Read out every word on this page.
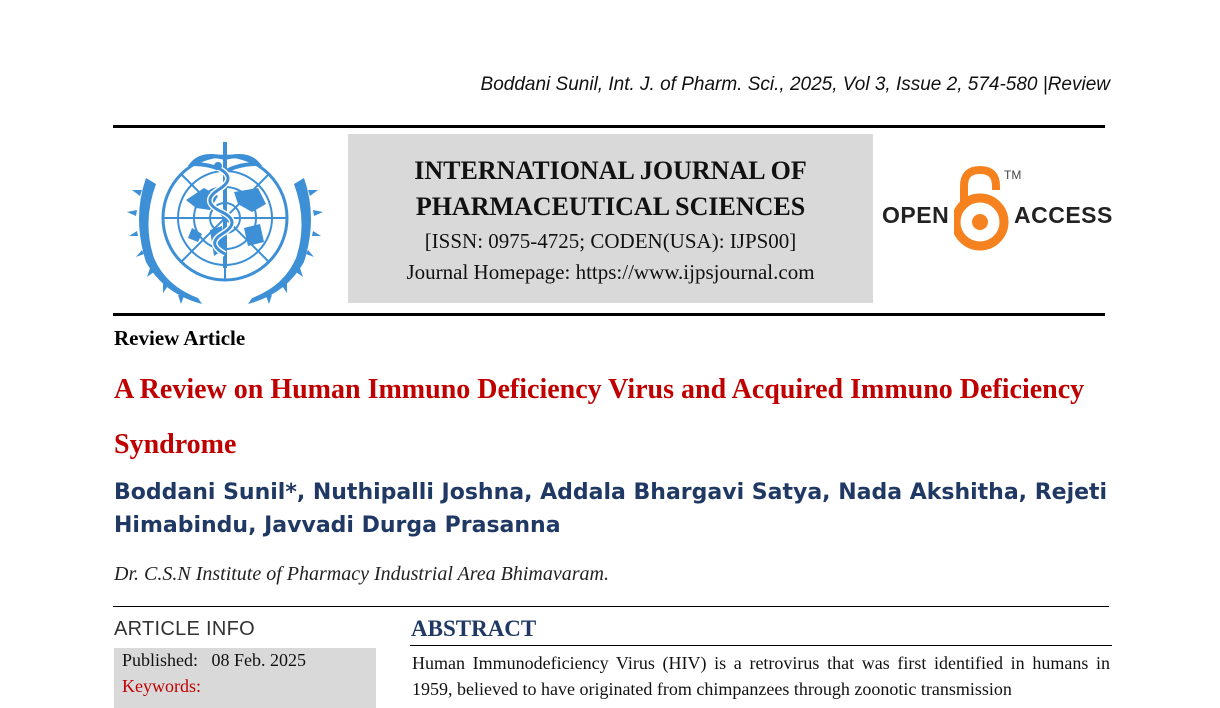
Boddani Sunil, Int. J. of Pharm. Sci., 2025, Vol 3, Issue 2, 574-580 |Review
INTERNATIONAL JOURNAL OF
PHARMACEUTICAL SCIENCES
[ISSN: 0975-4725; CODEN(USA): IJPS00]
Journal Homepage: https://www.ijpsjournal.com
OPEN
TM
ACCESS
Review Article
A Review on Human Immuno Deficiency Virus and Acquired Immuno Deficiency Syndrome
Boddani Sunil*, Nuthipalli Joshna, Addala Bhargavi Satya, Nada Akshitha, Rejeti Himabindu, Javvadi Durga Prasanna
Dr. C.S.N Institute of Pharmacy Industrial Area Bhimavaram.
ARTICLE INFO
Published: 08 Feb. 2025
Keywords:
ABSTRACT
Human Immunodeficiency Virus (HIV) is a retrovirus that was first identified in humans in 1959, believed to have originated from chimpanzees through zoonotic transmission
